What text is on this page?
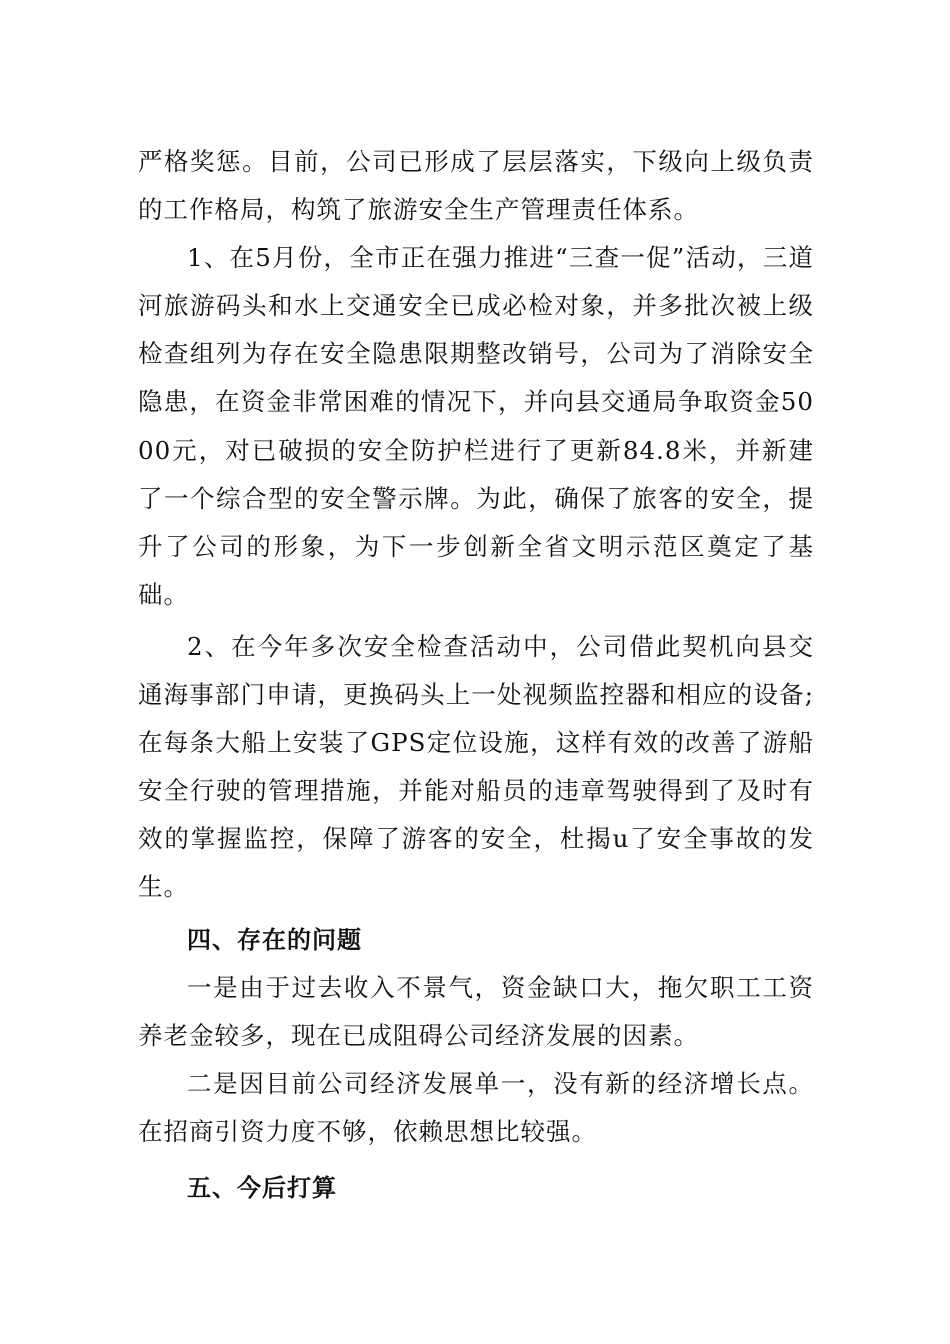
严格奖惩。目前，公司已形成了层层落实，下级向上级负责的工作格局，构筑了旅游安全生产管理责任体系。

1、在5月份，全市正在强力推进“三查一促”活动，三道河旅游码头和水上交通安全已成必检对象，并多批次被上级检查组列为存在安全隐患限期整改销号，公司为了消除安全隐患，在资金非常困难的情况下，并向县交通局争取资金5000元，对已破损的安全防护栏进行了更新84.8米，并新建了一个综合型的安全警示牌。为此，确保了旅客的安全，提升了公司的形象，为下一步创新全省文明示范区奠定了基础。

2、在今年多次安全检查活动中，公司借此契机向县交通海事部门申请，更换码头上一处视频监控器和相应的设备;在每条大船上安装了GPS定位设施，这样有效的改善了游船安全行驶的管理措施，并能对船员的违章驾驶得到了及时有效的掌握监控，保障了游客的安全，杜揭u了安全事故的发生。

四、存在的问题

一是由于过去收入不景气，资金缺口大，拖欠职工工资养老金较多，现在已成阻碍公司经济发展的因素。

二是因目前公司经济发展单一，没有新的经济增长点。在招商引资力度不够，依赖思想比较强。

五、今后打算
